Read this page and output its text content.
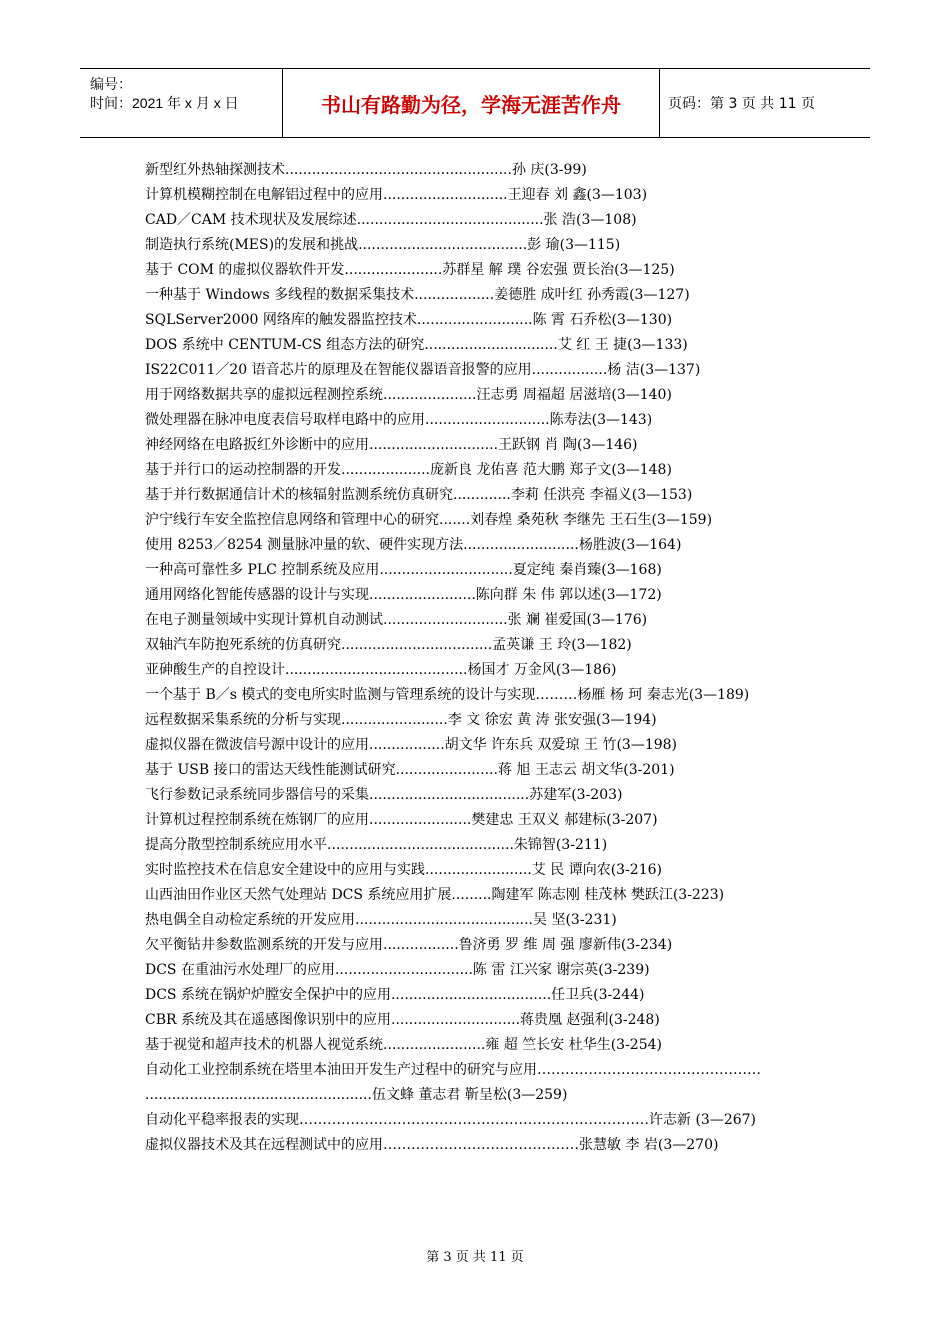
编号：
时间：2021 年 x 月 x 日	书山有路勤为径，学海无涯苦作舟	页码：第 3 页 共 11 页

新型红外热轴探测技术...................................................孙 庆(3-99)

计算机模糊控制在电解铝过程中的应用............................王迎春 刘 鑫(3—103)

CAD／CAM 技术现状及发展综述..........................................张 浩(3—108)

制造执行系统(MES)的发展和挑战......................................彭 瑜(3—115)

基于 COM 的虚拟仪器软件开发......................苏群星 解 璞 谷宏强 贾长治(3—125)

一种基于 Windows 多线程的数据采集技术..................姜德胜 成叶红 孙秀霞(3—127)

SQLServer2000 网络库的触发器监控技术..........................陈 霄 石乔松(3—130)

DOS 系统中 CENTUM-CS 组态方法的研究..............................艾 红 王 捷(3—133)

IS22C011／20 语音芯片的原理及在智能仪器语音报警的应用.................杨 洁(3—137)

用于网络数据共享的虚拟远程测控系统.....................汪志勇 周福超 居滋培(3—140)

微处理器在脉冲电度表信号取样电路中的应用............................陈寿法(3—143)

神经网络在电路扳红外诊断中的应用.............................王跃钢 肖 陶(3—146)

基于并行口的运动控制器的开发....................庞新良 龙佑喜 范大鹏 郑子文(3—148)

基于并行数据通信计术的核辐射监测系统仿真研究.............李莉 任洪亮 李福义(3—153)

沪宁线行车安全监控信息网络和管理中心的研究.......刘春煌 桑苑秋 李继先 王石生(3—159)

使用 8253／8254 测量脉冲量的软、硬件实现方法..........................杨胜波(3—164)

一种高可靠性多 PLC 控制系统及应用..............................夏定纯 秦肖臻(3—168)

通用网络化智能传感器的设计与实现........................陈向群 朱 伟 郭以述(3—172)

在电子测量领域中实现计算机自动测试............................张 斓 崔爱国(3—176)

双轴汽车防抱死系统的仿真研究..................................孟英谦 王 玲(3—182)

亚砷酸生产的自控设计.........................................杨国才 万金风(3—186)

一个基于 B／s 模式的变电所实时监测与管理系统的设计与实现………杨雁 杨 珂 秦志光(3—189)

远程数据采集系统的分析与实现........................李 文 徐宏 黄 涛 张安强(3—194)

虚拟仪器在微波信号源中设计的应用.................胡文华 许东兵 双爱琼 王 竹(3—198)

基于 USB 接口的雷达天线性能测试研究.......................蒋 旭 王志云 胡文华(3-201)

飞行参数记录系统同步器信号的采集....................................苏建军(3-203)

计算机过程控制系统在炼钢厂的应用.......................樊建忠 王双义 郝建标(3-207)

提高分散型控制系统应用水平..........................................朱锦智(3-211)

实时监控技术在信息安全建设中的应用与实践........................艾 民 谭向农(3-216)

山西油田作业区天然气处理站 DCS 系统应用扩展.........陶建军 陈志刚 桂茂林 樊跃江(3-223)

热电偶全自动检定系统的开发应用........................................吴 坚(3-231)

欠平衡钻井参数监测系统的开发与应用.................鲁济勇 罗 维 周 强 廖新伟(3-234)

DCS 在重油污水处理厂的应用...............................陈 雷 江兴家 谢宗英(3-239)

DCS 系统在锅炉炉膛安全保护中的应用....................................任卫兵(3-244)

CBR 系统及其在遥感图像识别中的应用.............................蒋贵凰 赵强利(3-248)

基于视觉和超声技术的机器人视觉系统.......................雍 超 竺长安 杜华生(3-254)

自动化工业控制系统在塔里本油田开发生产过程中的研究与应用…………………………………………

...................................................伍文蜂 董志君 靳呈松(3—259)

自动化平稳率报表的实现…………………………………………………………………许志新 (3—267)

虚拟仪器技术及其在远程测试中的应用……………………………………张慧敏 李 岩(3—270)

第 3 页 共 11 页
